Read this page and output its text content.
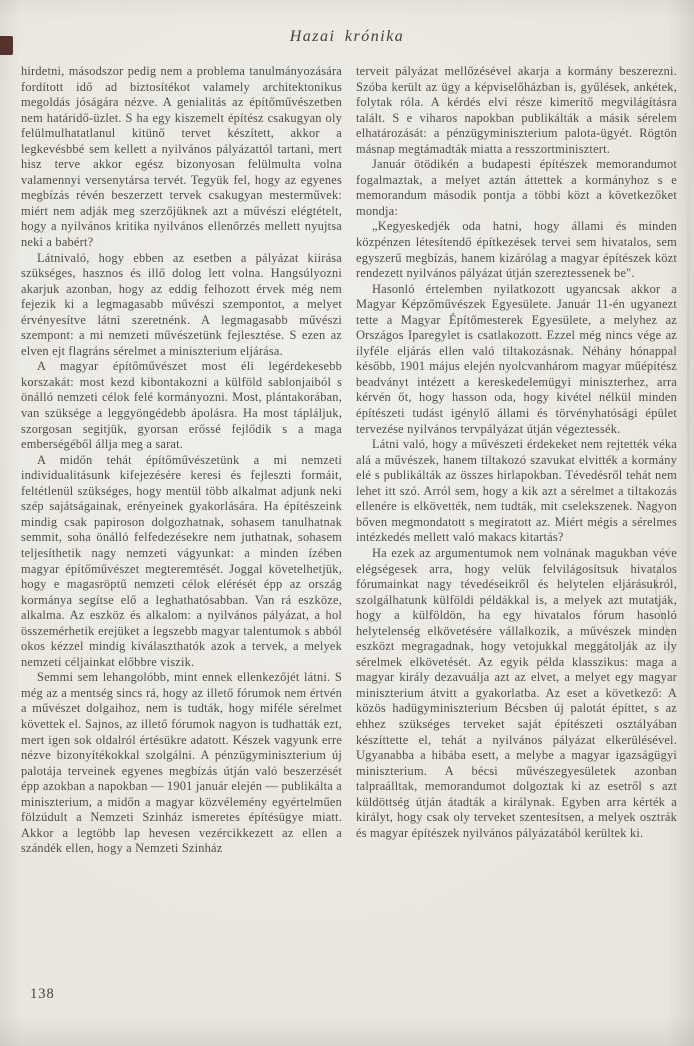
Hazai krónika

hirdetni, másodszor pedig nem a problema tanulmányozására fordított idő ad biztosítékot valamely architektonikus megoldás jóságára nézve. A genialitás az építőművészetben nem határidő-üzlet. S ha egy kiszemelt építész csakugyan oly felülmulhatatlanul kitünő tervet készített, akkor a legkevésbbé sem kellett a nyilvános pályázattól tartani, mert hisz terve akkor egész bizonyosan felülmulta volna valamennyi versenytársa tervét. Tegyük fel, hogy az egyenes megbízás révén beszerzett tervek csakugyan mesterművek: miért nem adják meg szerzőjüknek azt a művészi elégtételt, hogy a nyilvános kritika nyilvános ellenőrzés mellett nyujtsa neki a babért?

Látnivaló, hogy ebben az esetben a pályázat kiirása szükséges, hasznos és illő dolog lett volna. Hangsúlyozni akarjuk azonban, hogy az eddig felhozott érvek még nem fejezik ki a legmagasabb művészi szempontot, a melyet érvényesítve látni szeretnénk. A legmagasabb művészi szempont: a mi nemzeti művészetünk fejlesztése. S ezen az elven ejt flagráns sérelmet a miniszterium eljárása.

A magyar építőművészet most éli legérdekesebb korszakát: most kezd kibontakozni a külföld sablonjaiból s önálló nemzeti célok felé kormányozni. Most, plántakorában, van szüksége a leggyöngédebb ápolásra. Ha most tápláljuk, szorgosan segitjük, gyorsan erőssé fejlődik s a maga emberségéből állja meg a sarat.

A midőn tehát építőművészetünk a mi nemzeti individualitásunk kifejezésére keresi és fejleszti formáit, feltétlenül szükséges, hogy mentül több alkalmat adjunk neki szép sajátságainak, erényeinek gyakorlására. Ha építészeink mindig csak papiroson dolgozhatnak, sohasem tanulhatnak semmit, soha önálló felfedezésekre nem juthatnak, sohasem teljesíthetik nagy nemzeti vágyunkat: a minden ízében magyar építőművészet megteremtését. Joggal követelhetjük, hogy e magasröptű nemzeti célok elérését épp az ország kormánya segítse elő a leghathatósabban. Van rá eszköze, alkalma. Az eszköz és alkalom: a nyilvános pályázat, a hol összemérhetik erejüket a legszebb magyar talentumok s abból okos kézzel mindig kiválaszthatók azok a tervek, a melyek nemzeti céljainkat előbbre viszik.

Semmi sem lehangolóbb, mint ennek ellenkezőjét látni. S még az a mentség sincs rá, hogy az illető fórumok nem értvén a művészet dolgaihoz, nem is tudták, hogy miféle sérelmet követtek el. Sajnos, az illető fórumok nagyon is tudhatták ezt, mert igen sok oldalról értésükre adatott. Készek vagyunk erre nézve bizonyítékokkal szolgálni. A pénzügyminiszterium új palotája terveinek egyenes megbízás útján való beszerzését épp azokban a napokban — 1901 január elején — publikálta a miniszterium, a midőn a magyar közvélemény egyértelműen fölzúdult a Nemzeti Szinház ismeretes építésügye miatt. Akkor a legtöbb lap hevesen vezércikkezett az ellen a szándék ellen, hogy a Nemzeti Szinház

terveit pályázat mellőzésével akarja a kormány beszerezni. Szóba került az ügy a képviselőházban is, gyűlések, ankétek, folytak róla. A kérdés elvi része kimerítő megvilágításra talált. S e viharos napokban publikálták a másik sérelem elhatározását: a pénzügyminiszterium palota-ügyét. Rögtön másnap megtámadták miatta a resszortminisztert.

Január ötödikén a budapesti építészek memorandumot fogalmaztak, a melyet aztán áttettek a kormányhoz s e memorandum második pontja a többi közt a következőket mondja:

„Kegyeskedjék oda hatni, hogy állami és minden közpénzen létesítendő építkezések tervei sem hivatalos, sem egyszerű megbízás, hanem kizárólag a magyar építészek közt rendezett nyilvános pályázat útján szereztessenek be".

Hasonló értelemben nyilatkozott ugyancsak akkor a Magyar Képzőművészek Egyesülete. Január 11-én ugyanezt tette a Magyar Építőmesterek Egyesülete, a melyhez az Országos Iparegylet is csatlakozott. Ezzel még nincs vége az ilyféle eljárás ellen való tiltakozásnak. Néhány hónappal később, 1901 május elején nyolcvanhárom magyar műépítész beadványt intézett a kereskedelemügyi miniszterhez, arra kérvén őt, hogy hasson oda, hogy kivétel nélkül minden építészeti tudást igénylő állami és törvényhatósági épület tervezése nyilvános tervpályázat útján végeztessék.

Látni való, hogy a művészeti érdekeket nem rejtették véka alá a művészek, hanem tiltakozó szavukat elvitték a kormány elé s publikálták az összes hirlapokban. Tévedésről tehát nem lehet itt szó. Arról sem, hogy a kik azt a sérelmet a tiltakozás ellenére is elkövették, nem tudták, mit cselekszenek. Nagyon bőven megmondatott s megiratott az. Miért mégis a sérelmes intézkedés mellett való makacs kitartás?

Ha ezek az argumentumok nem volnának magukban véve elégségesek arra, hogy velük felvilágosítsuk hivatalos fórumainkat nagy tévedéseikről és helytelen eljárásukról, szolgálhatunk külföldi példákkal is, a melyek azt mutatják, hogy a külföldön, ha egy hivatalos fórum hasonló helytelenség elkövetésére vállalkozik, a művészek minden eszközt megragadnak, hogy vetojukkal meggátolják az ily sérelmek elkövetését. Az egyik példa klasszikus: maga a magyar király dezavuálja azt az elvet, a melyet egy magyar miniszterium átvitt a gyakorlatba. Az eset a következő: A közös hadügyminiszterium Bécsben új palotát építtet, s az ehhez szükséges terveket saját építészeti osztályában készíttette el, tehát a nyilvános pályázat elkerülésével. Ugyanabba a hibába esett, a melybe a magyar igazságügyi miniszterium. A bécsi művészegyesületek azonban talpraálltak, memorandumot dolgoztak ki az esetről s azt küldöttség útján átadták a királynak. Egyben arra kérték a királyt, hogy csak oly terveket szentesítsen, a melyek osztrák és magyar építészek nyilvános pályázatából kerültek ki.

138
